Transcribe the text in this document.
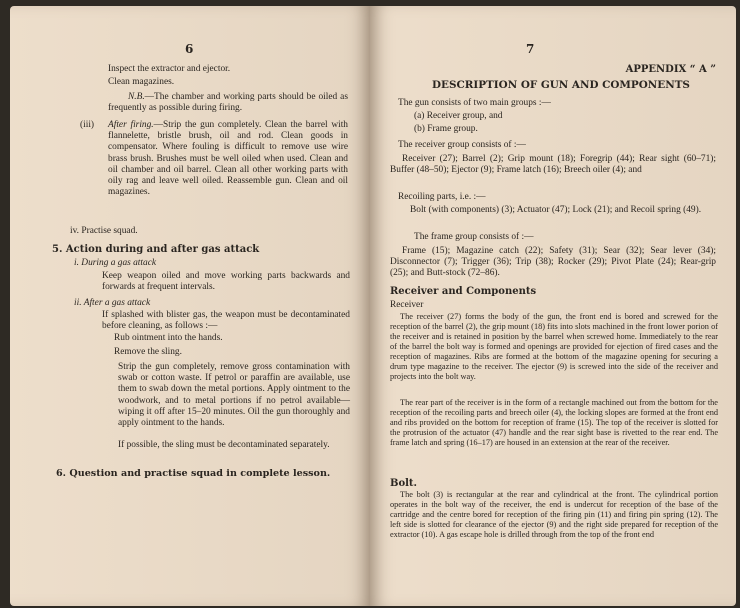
6
Inspect the extractor and ejector.
Clean magazines.
N.B.—The chamber and working parts should be oiled as frequently as possible during firing.
(iii)	After firing.—Strip the gun completely. Clean the barrel with flannelette, bristle brush, oil and rod. Clean goods in compensator. Where fouling is difficult to remove use wire brass brush. Brushes must be well oiled when used. Clean and oil chamber and oil barrel. Clean all other working parts with oily rag and leave well oiled. Reassemble gun. Clean and oil magazines.
iv. Practise squad.
5. Action during and after gas attack
i. During a gas attack
Keep weapon oiled and move working parts backwards and forwards at frequent intervals.
ii. After a gas attack
If splashed with blister gas, the weapon must be decontaminated before cleaning, as follows :—
Rub ointment into the hands.
Remove the sling.
Strip the gun completely, remove gross contamination with swab or cotton waste. If petrol or paraffin are available, use them to swab down the metal portions. Apply ointment to the woodwork, and to metal portions if no petrol available—wiping it off after 15–20 minutes. Oil the gun thoroughly and apply ointment to the hands.
If possible, the sling must be decontaminated separately.
6. Question and practise squad in complete lesson.
7
APPENDIX “ A ”
DESCRIPTION OF GUN AND COMPONENTS
The gun consists of two main groups :—
(a) Receiver group, and
(b) Frame group.
The receiver group consists of :—
Receiver (27); Barrel (2); Grip mount (18); Foregrip (44); Rear sight (60–71); Buffer (48–50); Ejector (9); Frame latch (16); Breech oiler (4); and
Recoiling parts, i.e. :—
Bolt (with components) (3); Actuator (47); Lock (21); and Recoil spring (49).
The frame group consists of :—
Frame (15); Magazine catch (22); Safety (31); Sear (32); Sear lever (34); Disconnector (7); Trigger (36); Trip (38); Rocker (29); Pivot Plate (24); Rear-grip (25); and Butt-stock (72–86).
Receiver and Components
Receiver
The receiver (27) forms the body of the gun, the front end is bored and screwed for the reception of the barrel (2), the grip mount (18) fits into slots machined in the front lower porion of the receiver and is retained in position by the barrel when screwed home. Immediately to the rear of the barrel the bolt way is formed and openings are provided for ejection of fired cases and the reception of magazines. Ribs are formed at the bottom of the magazine opening for securing a drum type magazine to the receiver. The ejector (9) is screwed into the side of the receiver and projects into the bolt way.
The rear part of the receiver is in the form of a rectangle machined out from the bottom for the reception of the recoiling parts and breech oiler (4), the locking slopes are formed at the front end and ribs provided on the bottom for reception of frame (15). The top of the receiver is slotted for the protrusion of the actuator (47) handle and the rear sight base is rivetted to the rear end. The frame latch and spring (16–17) are housed in an extension at the rear of the receiver.
Bolt.
The bolt (3) is rectangular at the rear and cylindrical at the front. The cylindrical portion operates in the bolt way of the receiver, the end is undercut for reception of the base of the cartridge and the centre bored for reception of the firing pin (11) and firing pin spring (12). The left side is slotted for clearance of the ejector (9) and the right side prepared for reception of the extractor (10). A gas escape hole is drilled through from the top of the front end
